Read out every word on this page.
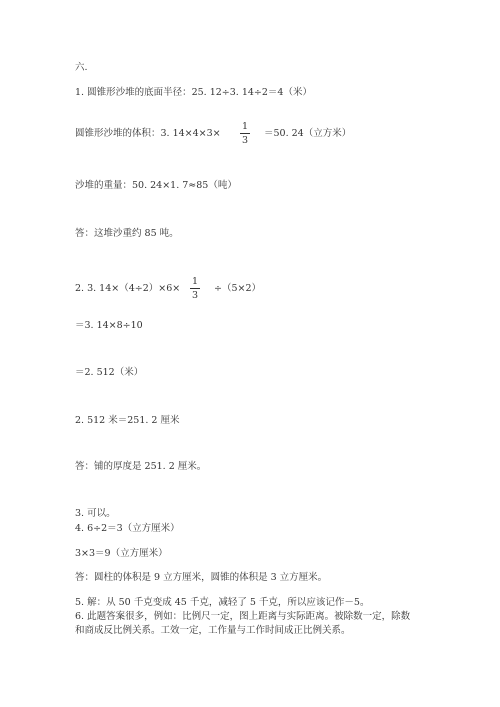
六.
1. 圆锥形沙堆的底面半径：25. 12÷3. 14÷2＝4（米）
圆锥形沙堆的体积：3. 14×4×3×
1
3
＝50. 24（立方米）
沙堆的重量：50. 24×1. 7≈85（吨）
答：这堆沙重约 85 吨。
2. 3. 14×（4÷2）×6×
1
3
÷（5×2）
＝3. 14×8÷10
＝2. 512（米）
2. 512 米＝251. 2 厘米
答：铺的厚度是 251. 2 厘米。
3. 可以。
4. 6÷2＝3（立方厘米）
3×3＝9（立方厘米）
答：圆柱的体积是 9 立方厘米，圆锥的体积是 3 立方厘米。
5. 解：从 50 千克变成 45 千克，减轻了 5 千克，所以应该记作－5。
6. 此题答案很多，例如：比例尺一定，图上距离与实际距离。被除数一定，除数
和商成反比例关系。工效一定，工作量与工作时间成正比例关系。
